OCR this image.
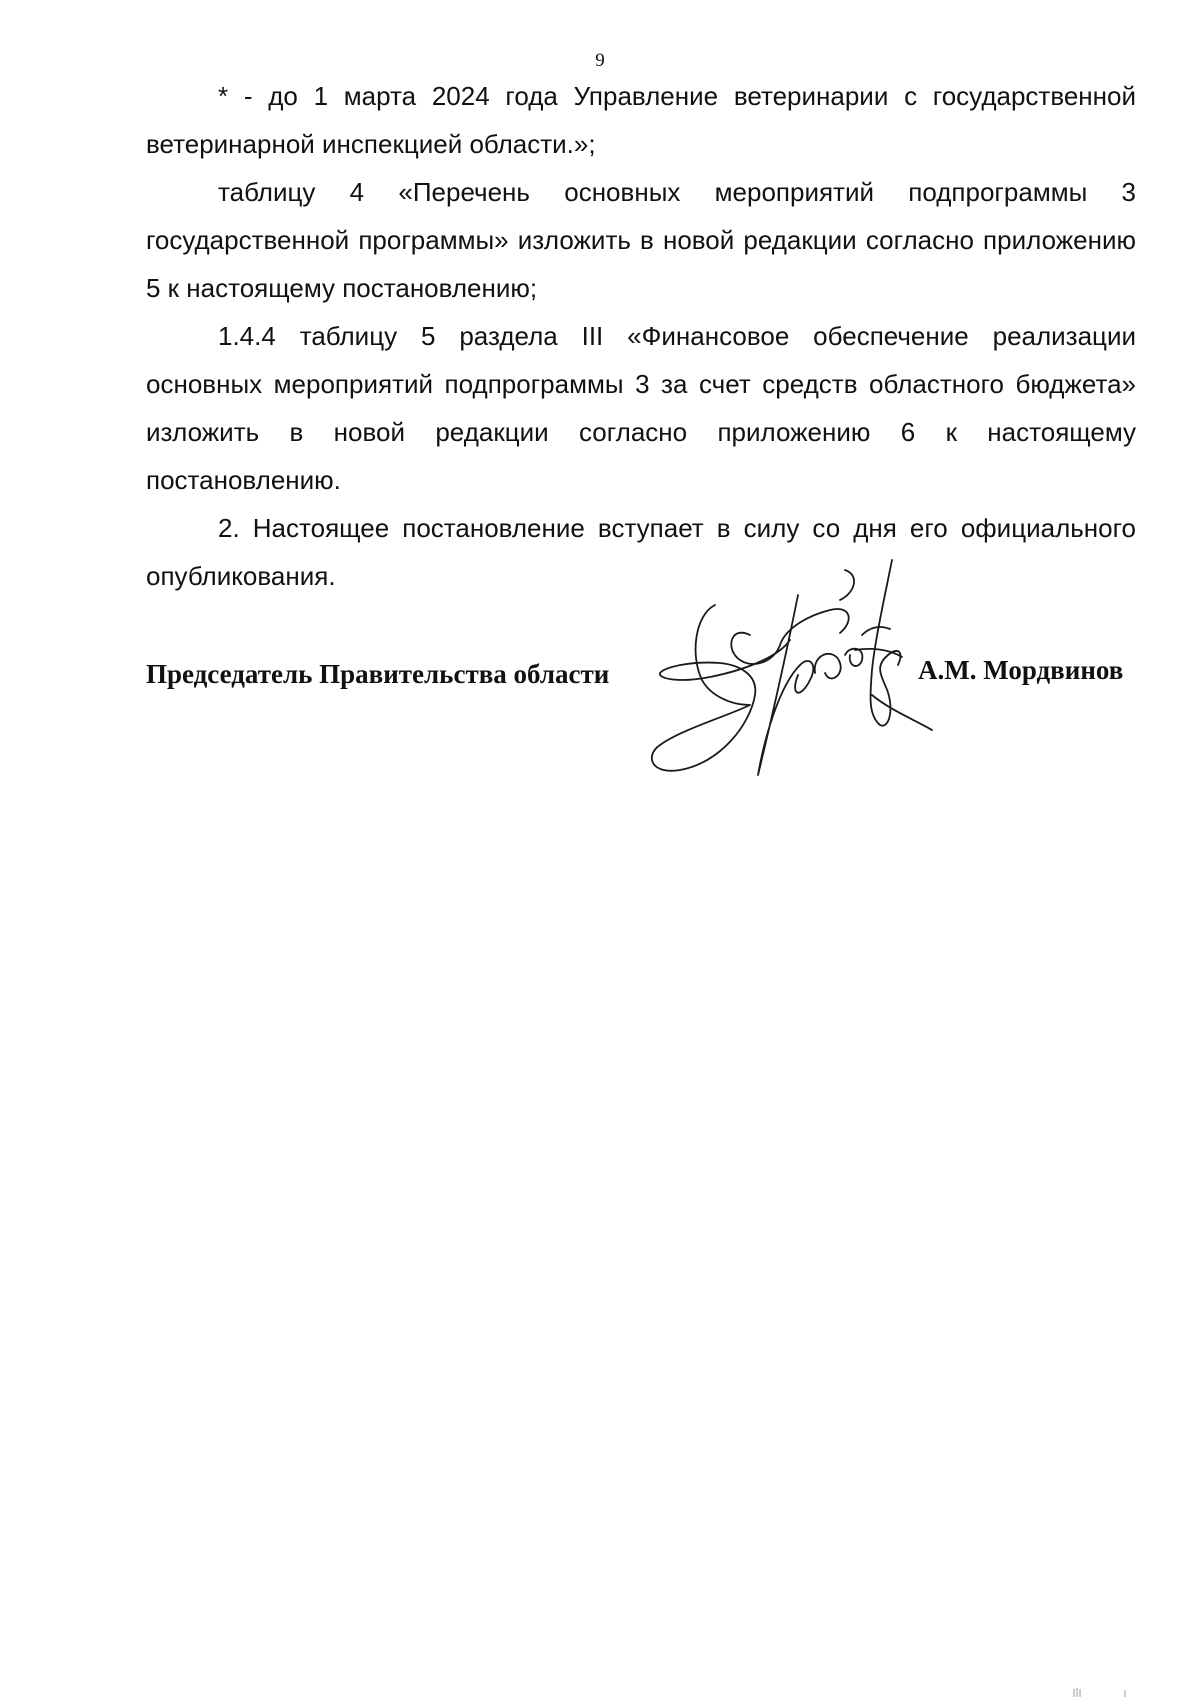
9

* - до 1 марта 2024 года Управление ветеринарии с государственной ветеринарной инспекцией области.»;

таблицу 4 «Перечень основных мероприятий подпрограммы 3 государственной программы» изложить в новой редакции согласно приложению 5 к настоящему постановлению;

1.4.4 таблицу 5 раздела III «Финансовое обеспечение реализации основных мероприятий подпрограммы 3 за счет средств областного бюджета» изложить в новой редакции согласно приложению 6 к настоящему постановлению.

2. Настоящее постановление вступает в силу со дня его официального опубликования.

Председатель Правительства области	А.М. Мордвинов
